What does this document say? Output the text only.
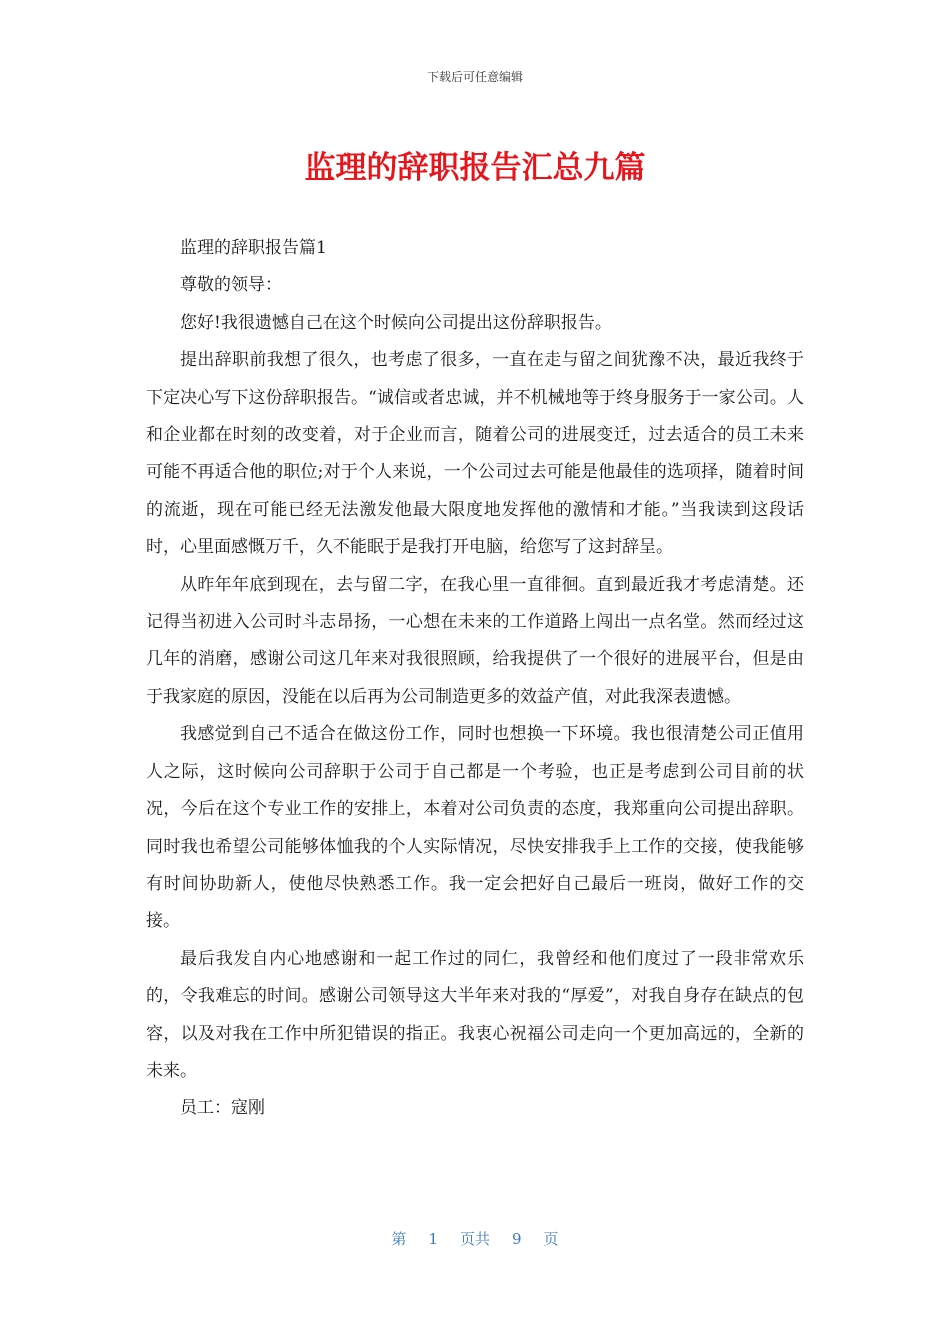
下载后可任意编辑
监理的辞职报告汇总九篇

监理的辞职报告篇1

尊敬的领导：

您好!我很遗憾自己在这个时候向公司提出这份辞职报告。

提出辞职前我想了很久，也考虑了很多，一直在走与留之间犹豫不决，最近我终于下定决心写下这份辞职报告。“诚信或者忠诚，并不机械地等于终身服务于一家公司。人和企业都在时刻的改变着，对于企业而言，随着公司的进展变迁，过去适合的员工未来可能不再适合他的职位;对于个人来说，一个公司过去可能是他最佳的选项择，随着时间的流逝，现在可能已经无法激发他最大限度地发挥他的激情和才能。”当我读到这段话时，心里面感慨万千，久不能眠于是我打开电脑，给您写了这封辞呈。

从昨年年底到现在，去与留二字，在我心里一直徘徊。直到最近我才考虑清楚。还记得当初进入公司时斗志昂扬，一心想在未来的工作道路上闯出一点名堂。然而经过这几年的消磨，感谢公司这几年来对我很照顾，给我提供了一个很好的进展平台，但是由于我家庭的原因，没能在以后再为公司制造更多的效益产值，对此我深表遗憾。

我感觉到自己不适合在做这份工作，同时也想换一下环境。我也很清楚公司正值用人之际，这时候向公司辞职于公司于自己都是一个考验，也正是考虑到公司目前的状况，今后在这个专业工作的安排上，本着对公司负责的态度，我郑重向公司提出辞职。同时我也希望公司能够体恤我的个人实际情况，尽快安排我手上工作的交接，使我能够有时间协助新人，使他尽快熟悉工作。我一定会把好自己最后一班岗，做好工作的交接。

最后我发自内心地感谢和一起工作过的同仁，我曾经和他们度过了一段非常欢乐的，令我难忘的时间。感谢公司领导这大半年来对我的“厚爱”，对我自身存在缺点的包容，以及对我在工作中所犯错误的指正。我衷心祝福公司走向一个更加高远的，全新的未来。

员工：寇刚

第 1 页共 9 页
